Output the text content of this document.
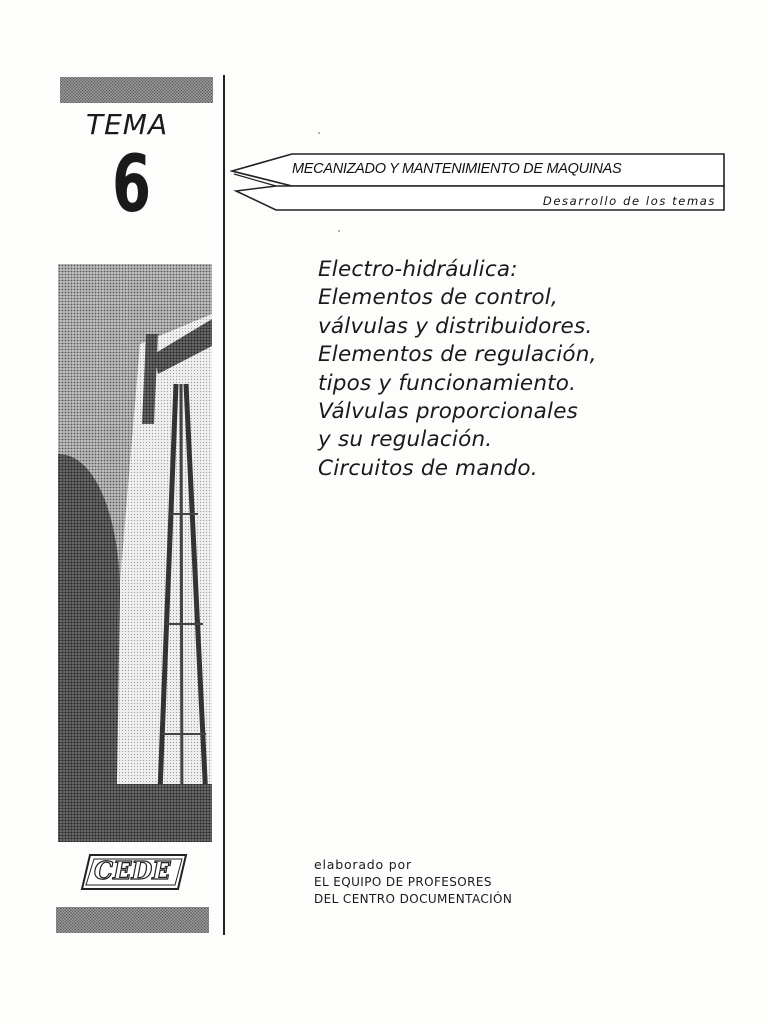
TEMA
6	MECANIZADO Y MANTENIMIENTO DE MAQUINAS
Desarrollo de los temas
Electro-hidráulica:
Elementos de control,
válvulas y distribuidores.
Elementos de regulación,
tipos y funcionamiento.
Válvulas proporcionales
y su regulación.
Circuitos de mando.
CEDE	elaborado por
EL EQUIPO DE PROFESORES
DEL CENTRO DOCUMENTACIÓN
